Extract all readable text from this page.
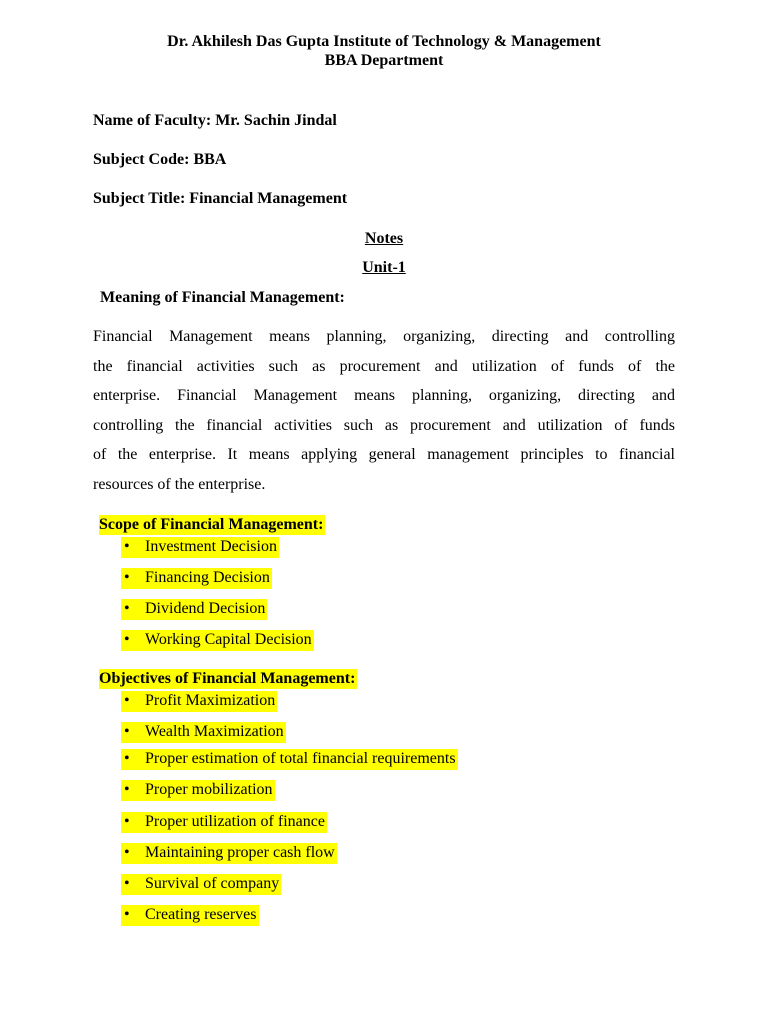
Dr. Akhilesh Das Gupta Institute of Technology & Management
BBA Department
Name of Faculty: Mr. Sachin Jindal
Subject Code: BBA
Subject Title: Financial Management
Notes
Unit-1
Meaning of Financial Management:
Financial Management means planning, organizing, directing and controlling
the financial activities such as procurement and utilization of funds of the
enterprise. Financial Management means planning, organizing, directing and
controlling the financial activities such as procurement and utilization of funds
of the enterprise. It means applying general management principles to financial
resources of the enterprise.
Scope of Financial Management:
• Investment Decision
• Financing Decision
• Dividend Decision
• Working Capital Decision
Objectives of Financial Management:
• Profit Maximization
• Wealth Maximization
• Proper estimation of total financial requirements
• Proper mobilization
• Proper utilization of finance
• Maintaining proper cash flow
• Survival of company
• Creating reserves
